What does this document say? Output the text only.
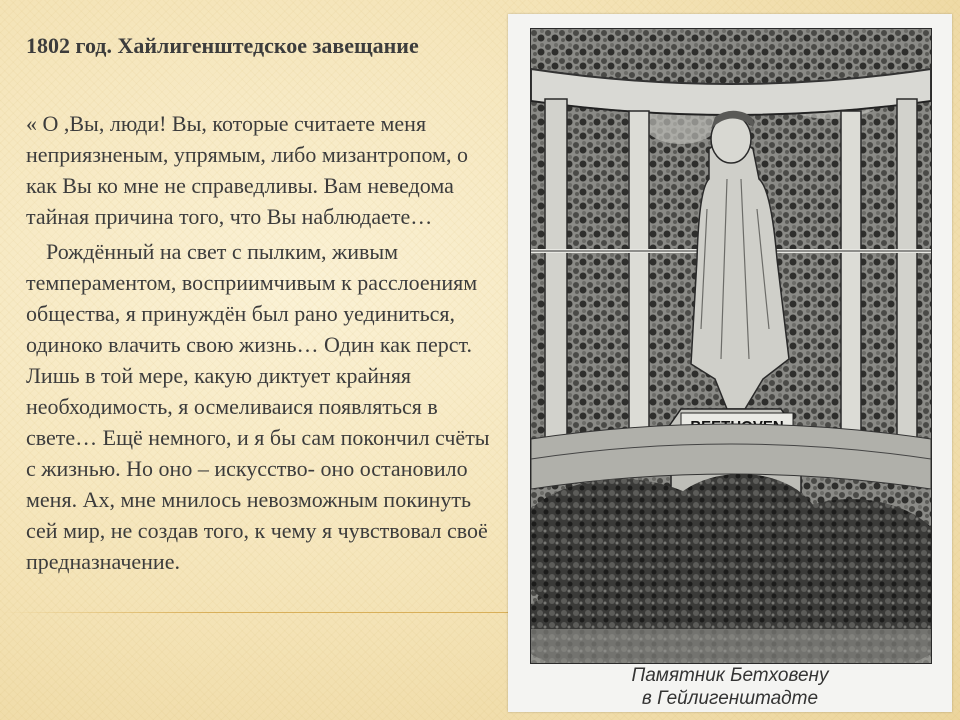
1802 год. Хайлигенштедское завещание

« О ,Вы, люди! Вы, которые считаете меня неприязненым, упрямым, либо мизантропом, о как Вы ко мне не справедливы. Вам неведома тайная причина того, что Вы наблюдаете…

Рождённый на свет с пылким, живым темпераментом, восприимчивым к расслоениям общества, я принуждён был рано уединиться, одиноко влачить свою жизнь… Один как перст. Лишь в той мере, какую диктует крайняя необходимость, я осмеливаися появляться в свете… Ещё немного, и я бы сам покончил счёты с жизнью. Но оно – искусство- оно остановило меня. Ах, мне мнилось невозможным покинуть сей мир, не создав того, к чему я чувствовал своё предназначение.

Памятник Бетховену
в Гейлигенштадте
